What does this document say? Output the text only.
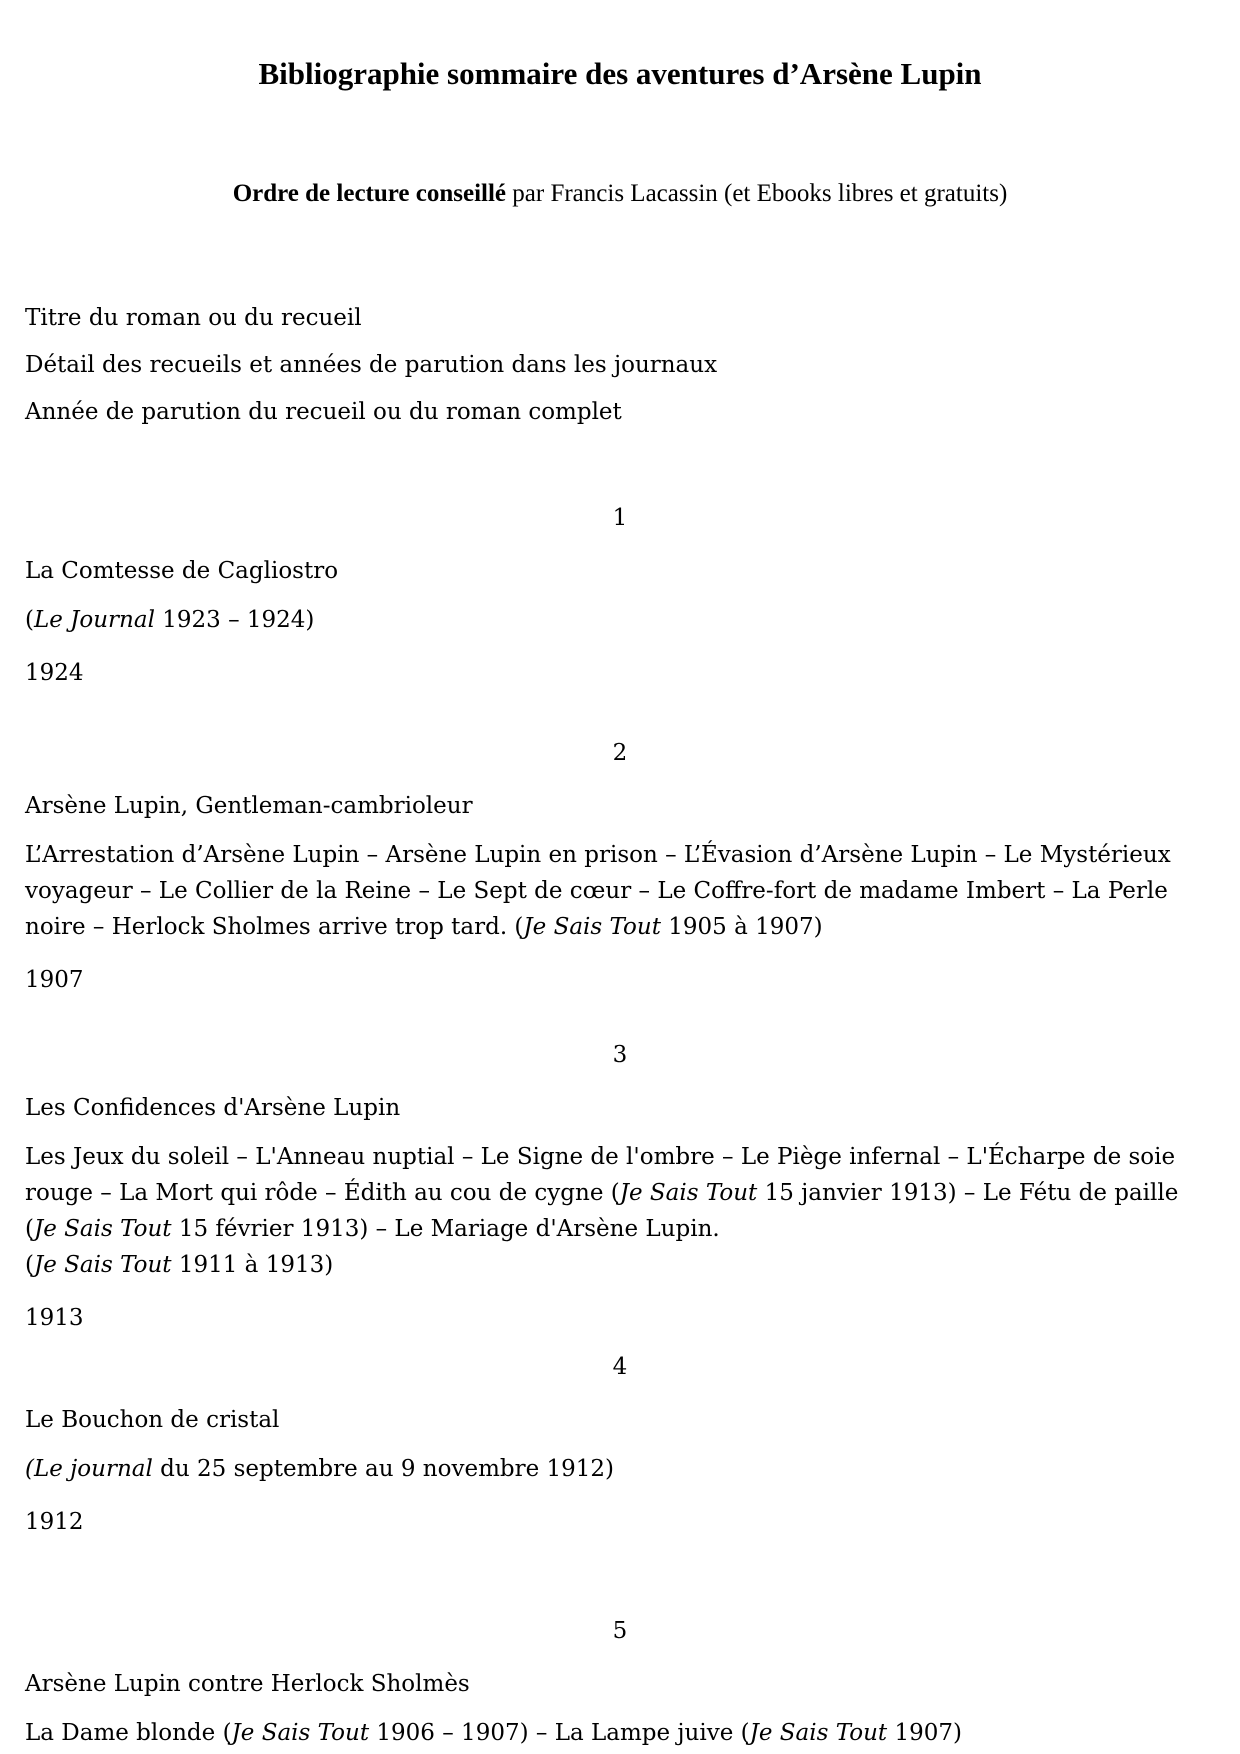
Bibliographie sommaire des aventures d’Arsène Lupin

Ordre de lecture conseillé par Francis Lacassin (et Ebooks libres et gratuits)

Titre du roman ou du recueil

Détail des recueils et années de parution dans les journaux

Année de parution du recueil ou du roman complet

1

La Comtesse de Cagliostro

(Le Journal 1923 – 1924)

1924

2

Arsène Lupin, Gentleman-cambrioleur

L’Arrestation d’Arsène Lupin – Arsène Lupin en prison – L’Évasion d’Arsène Lupin – Le Mystérieux voyageur – Le Collier de la Reine – Le Sept de cœur – Le Coffre-fort de madame Imbert – La Perle noire – Herlock Sholmes arrive trop tard. (Je Sais Tout 1905 à 1907)

1907

3

Les Confidences d'Arsène Lupin

Les Jeux du soleil – L'Anneau nuptial – Le Signe de l'ombre – Le Piège infernal – L'Écharpe de soie rouge – La Mort qui rôde – Édith au cou de cygne (Je Sais Tout 15 janvier 1913) – Le Fétu de paille (Je Sais Tout 15 février 1913) – Le Mariage d'Arsène Lupin.
(Je Sais Tout 1911 à 1913)

1913

4

Le Bouchon de cristal

(Le journal du 25 septembre au 9 novembre 1912)

1912

5

Arsène Lupin contre Herlock Sholmès

La Dame blonde (Je Sais Tout 1906 – 1907) – La Lampe juive (Je Sais Tout 1907)
